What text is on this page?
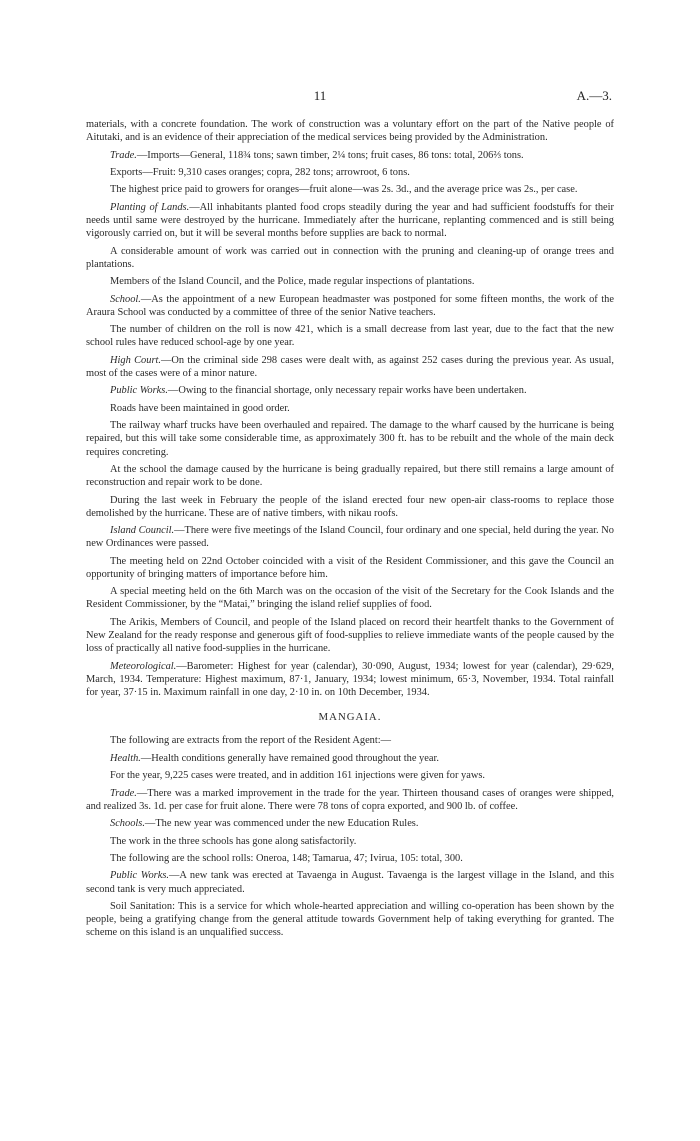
11	A.—3.

materials, with a concrete foundation. The work of construction was a voluntary effort on the part of the Native people of Aitutaki, and is an evidence of their appreciation of the medical services being provided by the Administration.

Trade.—Imports—General, 118¾ tons; sawn timber, 2¼ tons; fruit cases, 86 tons: total, 206⅔ tons.

Exports—Fruit: 9,310 cases oranges; copra, 282 tons; arrowroot, 6 tons.

The highest price paid to growers for oranges—fruit alone—was 2s. 3d., and the average price was 2s., per case.

Planting of Lands.—All inhabitants planted food crops steadily during the year and had sufficient foodstuffs for their needs until same were destroyed by the hurricane. Immediately after the hurricane, replanting commenced and is still being vigorously carried on, but it will be several months before supplies are back to normal.

A considerable amount of work was carried out in connection with the pruning and cleaning-up of orange trees and plantations.

Members of the Island Council, and the Police, made regular inspections of plantations.

School.—As the appointment of a new European headmaster was postponed for some fifteen months, the work of the Araura School was conducted by a committee of three of the senior Native teachers.

The number of children on the roll is now 421, which is a small decrease from last year, due to the fact that the new school rules have reduced school-age by one year.

High Court.—On the criminal side 298 cases were dealt with, as against 252 cases during the previous year. As usual, most of the cases were of a minor nature.

Public Works.—Owing to the financial shortage, only necessary repair works have been undertaken.

Roads have been maintained in good order.

The railway wharf trucks have been overhauled and repaired. The damage to the wharf caused by the hurricane is being repaired, but this will take some considerable time, as approximately 300 ft. has to be rebuilt and the whole of the main deck requires concreting.

At the school the damage caused by the hurricane is being gradually repaired, but there still remains a large amount of reconstruction and repair work to be done.

During the last week in February the people of the island erected four new open-air class-rooms to replace those demolished by the hurricane. These are of native timbers, with nikau roofs.

Island Council.—There were five meetings of the Island Council, four ordinary and one special, held during the year. No new Ordinances were passed.

The meeting held on 22nd October coincided with a visit of the Resident Commissioner, and this gave the Council an opportunity of bringing matters of importance before him.

A special meeting held on the 6th March was on the occasion of the visit of the Secretary for the Cook Islands and the Resident Commissioner, by the “Matai,” bringing the island relief supplies of food.

The Arikis, Members of Council, and people of the Island placed on record their heartfelt thanks to the Government of New Zealand for the ready response and generous gift of food-supplies to relieve immediate wants of the people caused by the loss of practically all native food-supplies in the hurricane.

Meteorological.—Barometer: Highest for year (calendar), 30·090, August, 1934; lowest for year (calendar), 29·629, March, 1934. Temperature: Highest maximum, 87·1, January, 1934; lowest minimum, 65·3, November, 1934. Total rainfall for year, 37·15 in. Maximum rainfall in one day, 2·10 in. on 10th December, 1934.

MANGAIA.

The following are extracts from the report of the Resident Agent:—

Health.—Health conditions generally have remained good throughout the year.

For the year, 9,225 cases were treated, and in addition 161 injections were given for yaws.

Trade.—There was a marked improvement in the trade for the year. Thirteen thousand cases of oranges were shipped, and realized 3s. 1d. per case for fruit alone. There were 78 tons of copra exported, and 900 lb. of coffee.

Schools.—The new year was commenced under the new Education Rules.

The work in the three schools has gone along satisfactorily.

The following are the school rolls: Oneroa, 148; Tamarua, 47; Ivirua, 105: total, 300.

Public Works.—A new tank was erected at Tavaenga in August. Tavaenga is the largest village in the Island, and this second tank is very much appreciated.

Soil Sanitation: This is a service for which whole-hearted appreciation and willing co-operation has been shown by the people, being a gratifying change from the general attitude towards Government help of taking everything for granted. The scheme on this island is an unqualified success.
